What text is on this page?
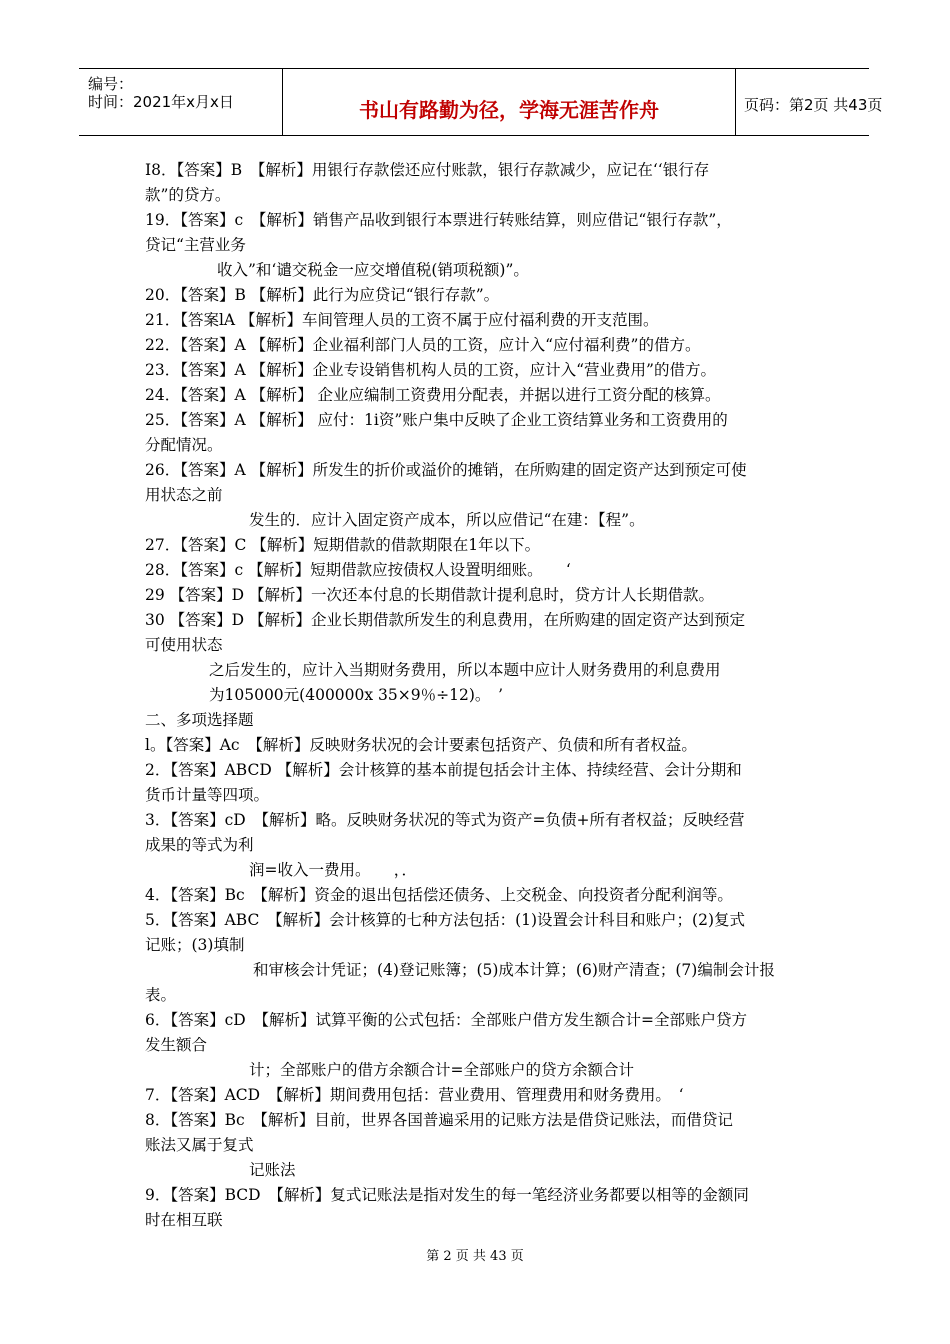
编号：
时间：2021年x月x日	书山有路勤为径，学海无涯苦作舟	页码：第2页 共43页
I8．【答案】B　【解析】用银行存款偿还应付账款，银行存款减少，应记在‘‘银行存
款”的贷方。
19．【答案】c　【解析】销售产品收到银行本票进行转账结算，则应借记“银行存款”，
贷记“主营业务
收入”和‘谴交税金一应交增值税(销项税额)”。
20．【答案】B 【解析】此行为应贷记“银行存款”。
21．【答案lA 【解析】车间管理人员的工资不属于应付福利费的开支范围。
22．【答案】A 【解析】企业福利部门人员的工资，应计入“应付福利费”的借方。
23．【答案】A 【解析】企业专设销售机构人员的工资，应计入“营业费用”的借方。
24．【答案】A 【解析】 企业应编制工资费用分配表，并据以进行工资分配的核算。
25．【答案】A 【解析】 应付：1i资”账户集中反映了企业工资结算业务和工资费用的
分配情况。
26．【答案】A 【解析】所发生的折价或溢价的摊销，在所购建的固定资产达到预定可使
用状态之前
发生的．应计入固定资产成本，所以应借记“在建：【程”。
27．【答案】C 【解析】短期借款的借款期限在1年以下。
28．【答案】c 【解析】短期借款应按债权人设置明细账。　　‘
29 【答案】D 【解析】一次还本付息的长期借款计提利息时，贷方计人长期借款。
30 【答案】D 【解析】企业长期借款所发生的利息费用，在所购建的固定资产达到预定
可使用状态
之后发生的，应计入当期财务费用，所以本题中应计人财务费用的利息费用
为105000元(400000x 35×9％÷12)。　’
二、多项选择题
l。【答案】Ac　【解析】反映财务状况的会计要素包括资产、负债和所有者权益。
2．【答案】ABCD 【解析】会计核算的基本前提包括会计主体、持续经营、会计分期和
货币计量等四项。
3．【答案】cD　【解析】略。反映财务状况的等式为资产=负债+所有者权益；反映经营
成果的等式为利
润=收入一费用。　　，．
4．【答案】Bc　【解析】资金的退出包括偿还债务、上交税金、向投资者分配利润等。
5．【答案】ABC　【解析】会计核算的七种方法包括：(1)设置会计科目和账户；(2)复式
记账；(3)填制
和审核会计凭证；(4)登记账簿；(5)成本计算；(6)财产清查；(7)编制会计报
表。
6．【答案】cD　【解析】试算平衡的公式包括：全部账户借方发生额合计=全部账户贷方
发生额合
计；全部账户的借方余额合计=全部账户的贷方余额合计
7．【答案】ACD　【解析】期间费用包括：营业费用、管理费用和财务费用。　‘
8．【答案】Bc　【解析】目前，世界各国普遍采用的记账方法是借贷记账法，而借贷记
账法又属于复式
记账法
9．【答案】BCD　【解析】复式记账法是指对发生的每一笔经济业务都要以相等的金额同
时在相互联
第 2 页 共 43 页
